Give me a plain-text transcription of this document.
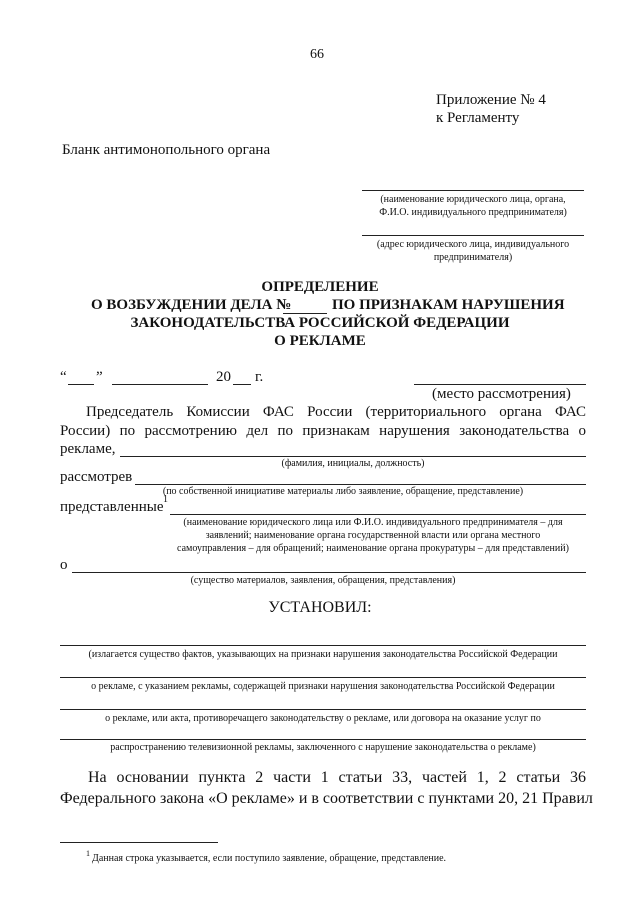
66
Приложение № 4
к Регламенту
Бланк антимонопольного органа
(наименование юридического лица, органа,
Ф.И.О. индивидуального предпринимателя)
(адрес юридического лица, индивидуального
предпринимателя)
ОПРЕДЕЛЕНИЕ
О ВОЗБУЖДЕНИИ ДЕЛА №	ПО ПРИЗНАКАМ НАРУШЕНИЯ
ЗАКОНОДАТЕЛЬСТВА РОССИЙСКОЙ ФЕДЕРАЦИИ
О РЕКЛАМЕ
“ ”	20 г.
(место рассмотрения)
Председатель Комиссии ФАС России (территориального органа ФАС
России) по рассмотрению дел по признакам нарушения законодательства о
рекламе,
(фамилия, инициалы, должность)
рассмотрев
(по собственной инициативе материалы либо заявление, обращение, представление)
представленные 1
(наименование юридического лица или Ф.И.О. индивидуального предпринимателя – для
заявлений; наименование органа государственной власти или органа местного
самоуправления – для обращений; наименование органа прокуратуры – для представлений)
о
(существо материалов, заявления, обращения, представления)
УСТАНОВИЛ:
(излагается существо фактов, указывающих на признаки нарушения законодательства Российской Федерации
о рекламе, с указанием рекламы, содержащей признаки нарушения законодательства Российской Федерации
о рекламе, или акта, противоречащего законодательству о рекламе, или договора на оказание услуг по
распространению телевизионной рекламы, заключенного с нарушение законодательства о рекламе)
На основании пункта 2 части 1 статьи 33, частей 1, 2 статьи 36
Федерального закона «О рекламе» и в соответствии с пунктами 20, 21 Правил
1 Данная строка указывается, если поступило заявление, обращение, представление.
